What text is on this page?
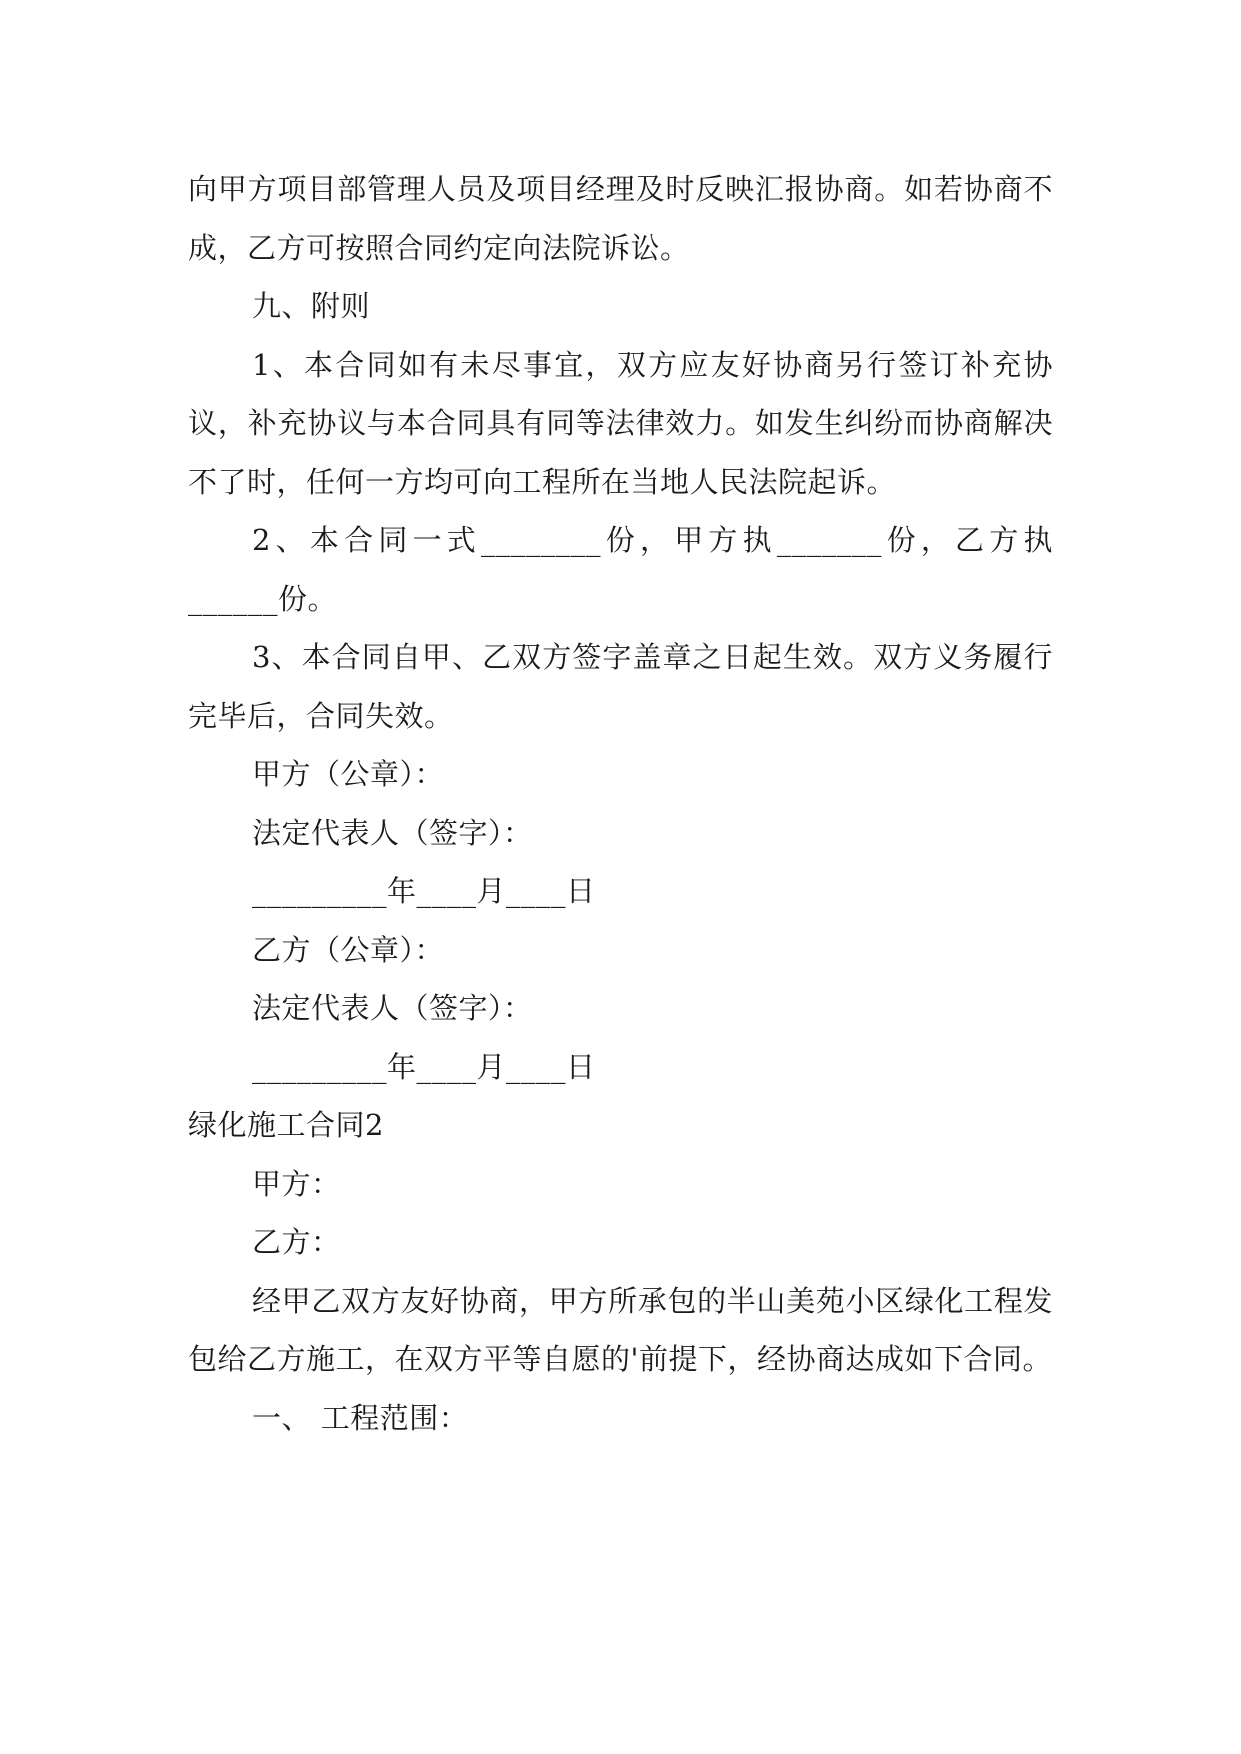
向甲方项目部管理人员及项目经理及时反映汇报协商。如若协商不成，乙方可按照合同约定向法院诉讼。

九、附则

1、本合同如有未尽事宜，双方应友好协商另行签订补充协议，补充协议与本合同具有同等法律效力。如发生纠纷而协商解决不了时，任何一方均可向工程所在当地人民法院起诉。

2、本合同一式________份，甲方执_______份，乙方执______份。

3、本合同自甲、乙双方签字盖章之日起生效。双方义务履行完毕后，合同失效。

甲方（公章）：

法定代表人（签字）：

_________年____月____日

乙方（公章）：

法定代表人（签字）：

_________年____月____日

绿化施工合同2

甲方：

乙方：

经甲乙双方友好协商，甲方所承包的半山美苑小区绿化工程发包给乙方施工，在双方平等自愿的'前提下，经协商达成如下合同。

一、 工程范围：
